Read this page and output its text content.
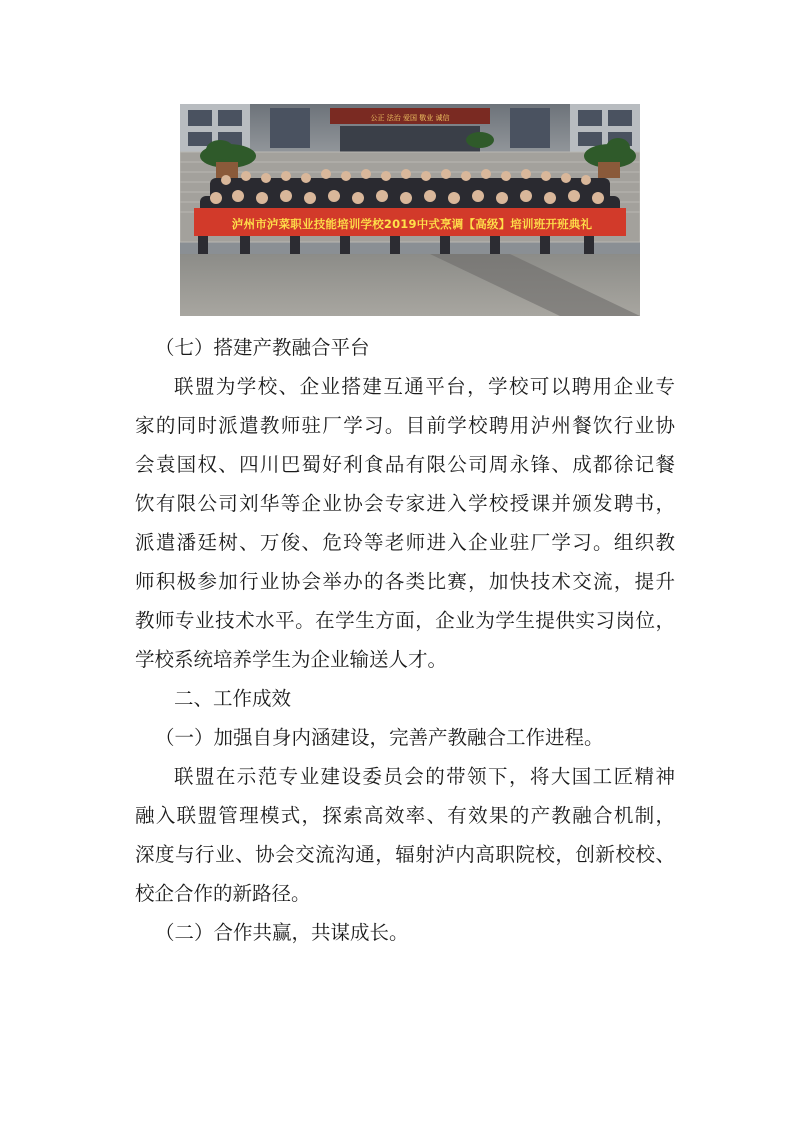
公正 法治 爱国 敬业 诚信
泸州市泸菜职业技能培训学校2019中式烹调【高级】培训班开班典礼
（七）搭建产教融合平台
联盟为学校、企业搭建互通平台，学校可以聘用企业专
家的同时派遣教师驻厂学习。目前学校聘用泸州餐饮行业协
会袁国权、四川巴蜀好利食品有限公司周永锋、成都徐记餐
饮有限公司刘华等企业协会专家进入学校授课并颁发聘书，
派遣潘廷树、万俊、危玲等老师进入企业驻厂学习。组织教
师积极参加行业协会举办的各类比赛，加快技术交流，提升
教师专业技术水平。在学生方面，企业为学生提供实习岗位，
学校系统培养学生为企业输送人才。
二、工作成效
（一）加强自身内涵建设，完善产教融合工作进程。
联盟在示范专业建设委员会的带领下，将大国工匠精神
融入联盟管理模式，探索高效率、有效果的产教融合机制，
深度与行业、协会交流沟通，辐射泸内高职院校，创新校校、
校企合作的新路径。
（二）合作共赢，共谋成长。
